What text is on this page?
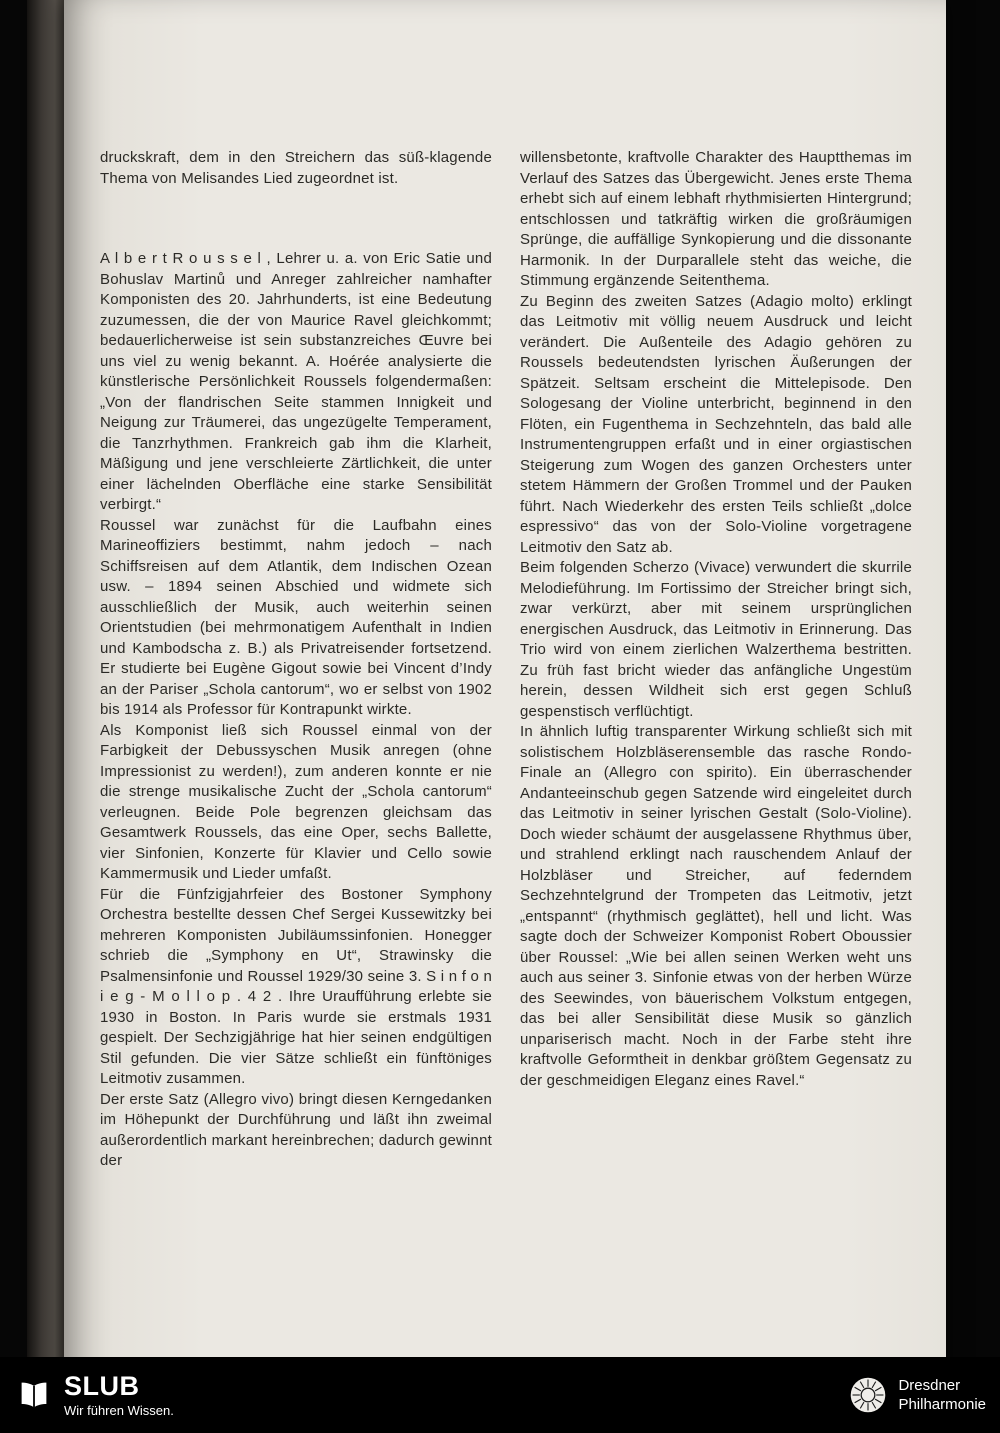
druckskraft, dem in den Streichern das süß-klagende Thema von Melisandes Lied zugeordnet ist.

A l b e r t R o u s s e l , Lehrer u. a. von Eric Satie und Bohuslav Martinů und Anreger zahlreicher namhafter Komponisten des 20. Jahrhunderts, ist eine Bedeutung zuzumessen, die der von Maurice Ravel gleichkommt; bedauerlicherweise ist sein substanzreiches Œuvre bei uns viel zu wenig bekannt. A. Hoérée analysierte die künstlerische Persönlichkeit Roussels folgendermaßen: „Von der flandrischen Seite stammen Innigkeit und Neigung zur Träumerei, das ungezügelte Temperament, die Tanzrhythmen. Frankreich gab ihm die Klarheit, Mäßigung und jene verschleierte Zärtlichkeit, die unter einer lächelnden Oberfläche eine starke Sensibilität verbirgt.“

Roussel war zunächst für die Laufbahn eines Marineoffiziers bestimmt, nahm jedoch – nach Schiffsreisen auf dem Atlantik, dem Indischen Ozean usw. – 1894 seinen Abschied und widmete sich ausschließlich der Musik, auch weiterhin seinen Orientstudien (bei mehrmonatigem Aufenthalt in Indien und Kambodscha z. B.) als Privatreisender fortsetzend. Er studierte bei Eugène Gigout sowie bei Vincent d’Indy an der Pariser „Schola cantorum“, wo er selbst von 1902 bis 1914 als Professor für Kontrapunkt wirkte.

Als Komponist ließ sich Roussel einmal von der Farbigkeit der Debussyschen Musik anregen (ohne Impressionist zu werden!), zum anderen konnte er nie die strenge musikalische Zucht der „Schola cantorum“ verleugnen. Beide Pole begrenzen gleichsam das Gesamtwerk Roussels, das eine Oper, sechs Ballette, vier Sinfonien, Konzerte für Klavier und Cello sowie Kammermusik und Lieder umfaßt.

Für die Fünfzigjahrfeier des Bostoner Symphony Orchestra bestellte dessen Chef Sergei Kussewitzky bei mehreren Komponisten Jubiläumssinfonien. Honegger schrieb die „Symphony en Ut“, Strawinsky die Psalmensinfonie und Roussel 1929/30 seine 3. S i n f o n i e g - M o l l o p . 4 2 . Ihre Uraufführung erlebte sie 1930 in Boston. In Paris wurde sie erstmals 1931 gespielt. Der Sechzigjährige hat hier seinen endgültigen Stil gefunden. Die vier Sätze schließt ein fünftöniges Leitmotiv zusammen.

Der erste Satz (Allegro vivo) bringt diesen Kerngedanken im Höhepunkt der Durchführung und läßt ihn zweimal außerordentlich markant hereinbrechen; dadurch gewinnt der

willensbetonte, kraftvolle Charakter des Hauptthemas im Verlauf des Satzes das Übergewicht. Jenes erste Thema erhebt sich auf einem lebhaft rhythmisierten Hintergrund; entschlossen und tatkräftig wirken die großräumigen Sprünge, die auffällige Synkopierung und die dissonante Harmonik. In der Durparallele steht das weiche, die Stimmung ergänzende Seitenthema.

Zu Beginn des zweiten Satzes (Adagio molto) erklingt das Leitmotiv mit völlig neuem Ausdruck und leicht verändert. Die Außenteile des Adagio gehören zu Roussels bedeutendsten lyrischen Äußerungen der Spätzeit. Seltsam erscheint die Mittelepisode. Den Sologesang der Violine unterbricht, beginnend in den Flöten, ein Fugenthema in Sechzehnteln, das bald alle Instrumentengruppen erfaßt und in einer orgiastischen Steigerung zum Wogen des ganzen Orchesters unter stetem Hämmern der Großen Trommel und der Pauken führt. Nach Wiederkehr des ersten Teils schließt „dolce espressivo“ das von der Solo-Violine vorgetragene Leitmotiv den Satz ab.

Beim folgenden Scherzo (Vivace) verwundert die skurrile Melodieführung. Im Fortissimo der Streicher bringt sich, zwar verkürzt, aber mit seinem ursprünglichen energischen Ausdruck, das Leitmotiv in Erinnerung. Das Trio wird von einem zierlichen Walzerthema bestritten. Zu früh fast bricht wieder das anfängliche Ungestüm herein, dessen Wildheit sich erst gegen Schluß gespenstisch verflüchtigt.

In ähnlich luftig transparenter Wirkung schließt sich mit solistischem Holzbläserensemble das rasche Rondo-Finale an (Allegro con spirito). Ein überraschender Andanteeinschub gegen Satzende wird eingeleitet durch das Leitmotiv in seiner lyrischen Gestalt (Solo-Violine). Doch wieder schäumt der ausgelassene Rhythmus über, und strahlend erklingt nach rauschendem Anlauf der Holzbläser und Streicher, auf federndem Sechzehntelgrund der Trompeten das Leitmotiv, jetzt „entspannt“ (rhythmisch geglättet), hell und licht. Was sagte doch der Schweizer Komponist Robert Oboussier über Roussel: „Wie bei allen seinen Werken weht uns auch aus seiner 3. Sinfonie etwas von der herben Würze des Seewindes, von bäuerischem Volkstum entgegen, das bei aller Sensibilität diese Musik so gänzlich unpariserisch macht. Noch in der Farbe steht ihre kraftvolle Geformtheit in denkbar größtem Gegensatz zu der geschmeidigen Eleganz eines Ravel.“

SLUB
Wir führen Wissen.
Dresdner
Philharmonie
